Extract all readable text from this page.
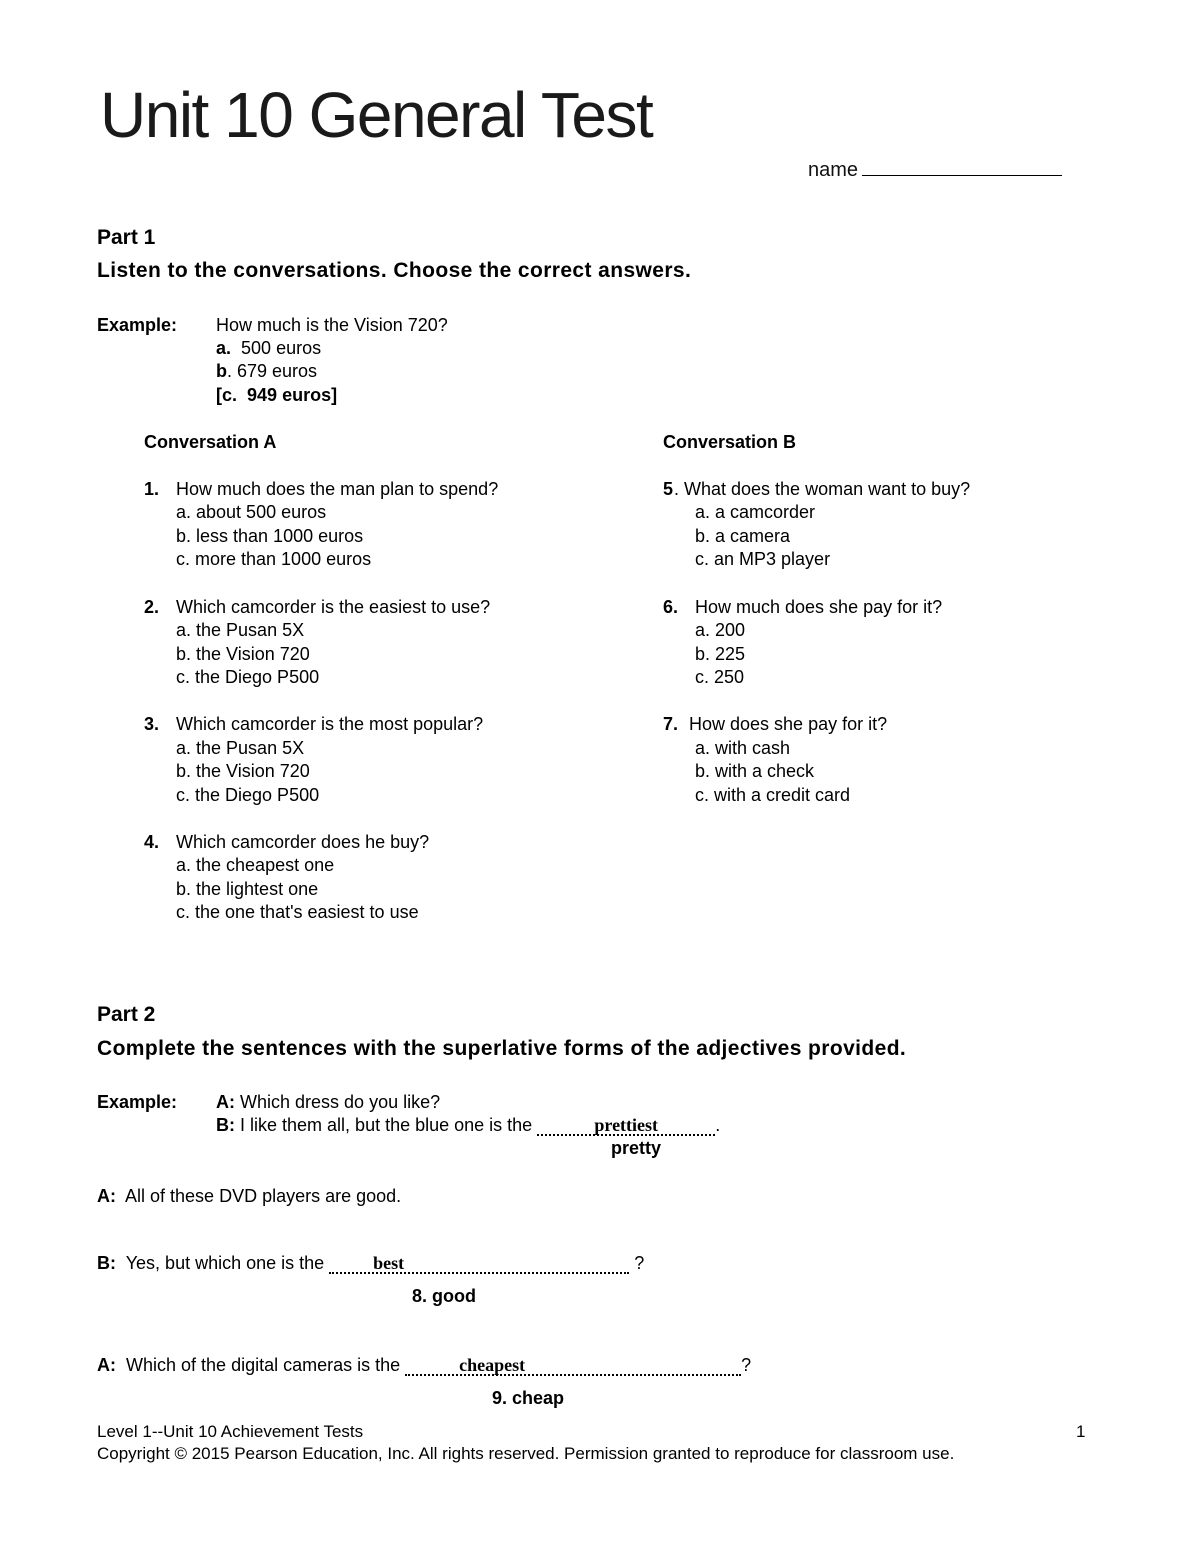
Unit 10 General Test
name
Part 1
Listen to the conversations. Choose the correct answers.
Example: How much is the Vision 720?
a. 500 euros
b. 679 euros
[c. 949 euros]
Conversation A
1. How much does the man plan to spend?
a. about 500 euros
b. less than 1000 euros
c. more than 1000 euros
2. Which camcorder is the easiest to use?
a. the Pusan 5X
b. the Vision 720
c. the Diego P500
3. Which camcorder is the most popular?
a. the Pusan 5X
b. the Vision 720
c. the Diego P500
4. Which camcorder does he buy?
a. the cheapest one
b. the lightest one
c. the one that's easiest to use
Conversation B
5 . What does the woman want to buy?
a. a camcorder
b. a camera
c. an MP3 player
6. How much does she pay for it?
a. 200
b. 225
c. 250
7. How does she pay for it?
a. with cash
b. with a check
c. with a credit card
Part 2
Complete the sentences with the superlative forms of the adjectives provided.
Example: A: Which dress do you like?
B: I like them all, but the blue one is the	prettiest	.
pretty
A: All of these DVD players are good.
B: Yes, but which one is the	best	?
8. good
A: Which of the digital cameras is the	cheapest	?
9. cheap
Level 1--Unit 10 Achievement Tests	1
Copyright © 2015 Pearson Education, Inc. All rights reserved. Permission granted to reproduce for classroom use.
